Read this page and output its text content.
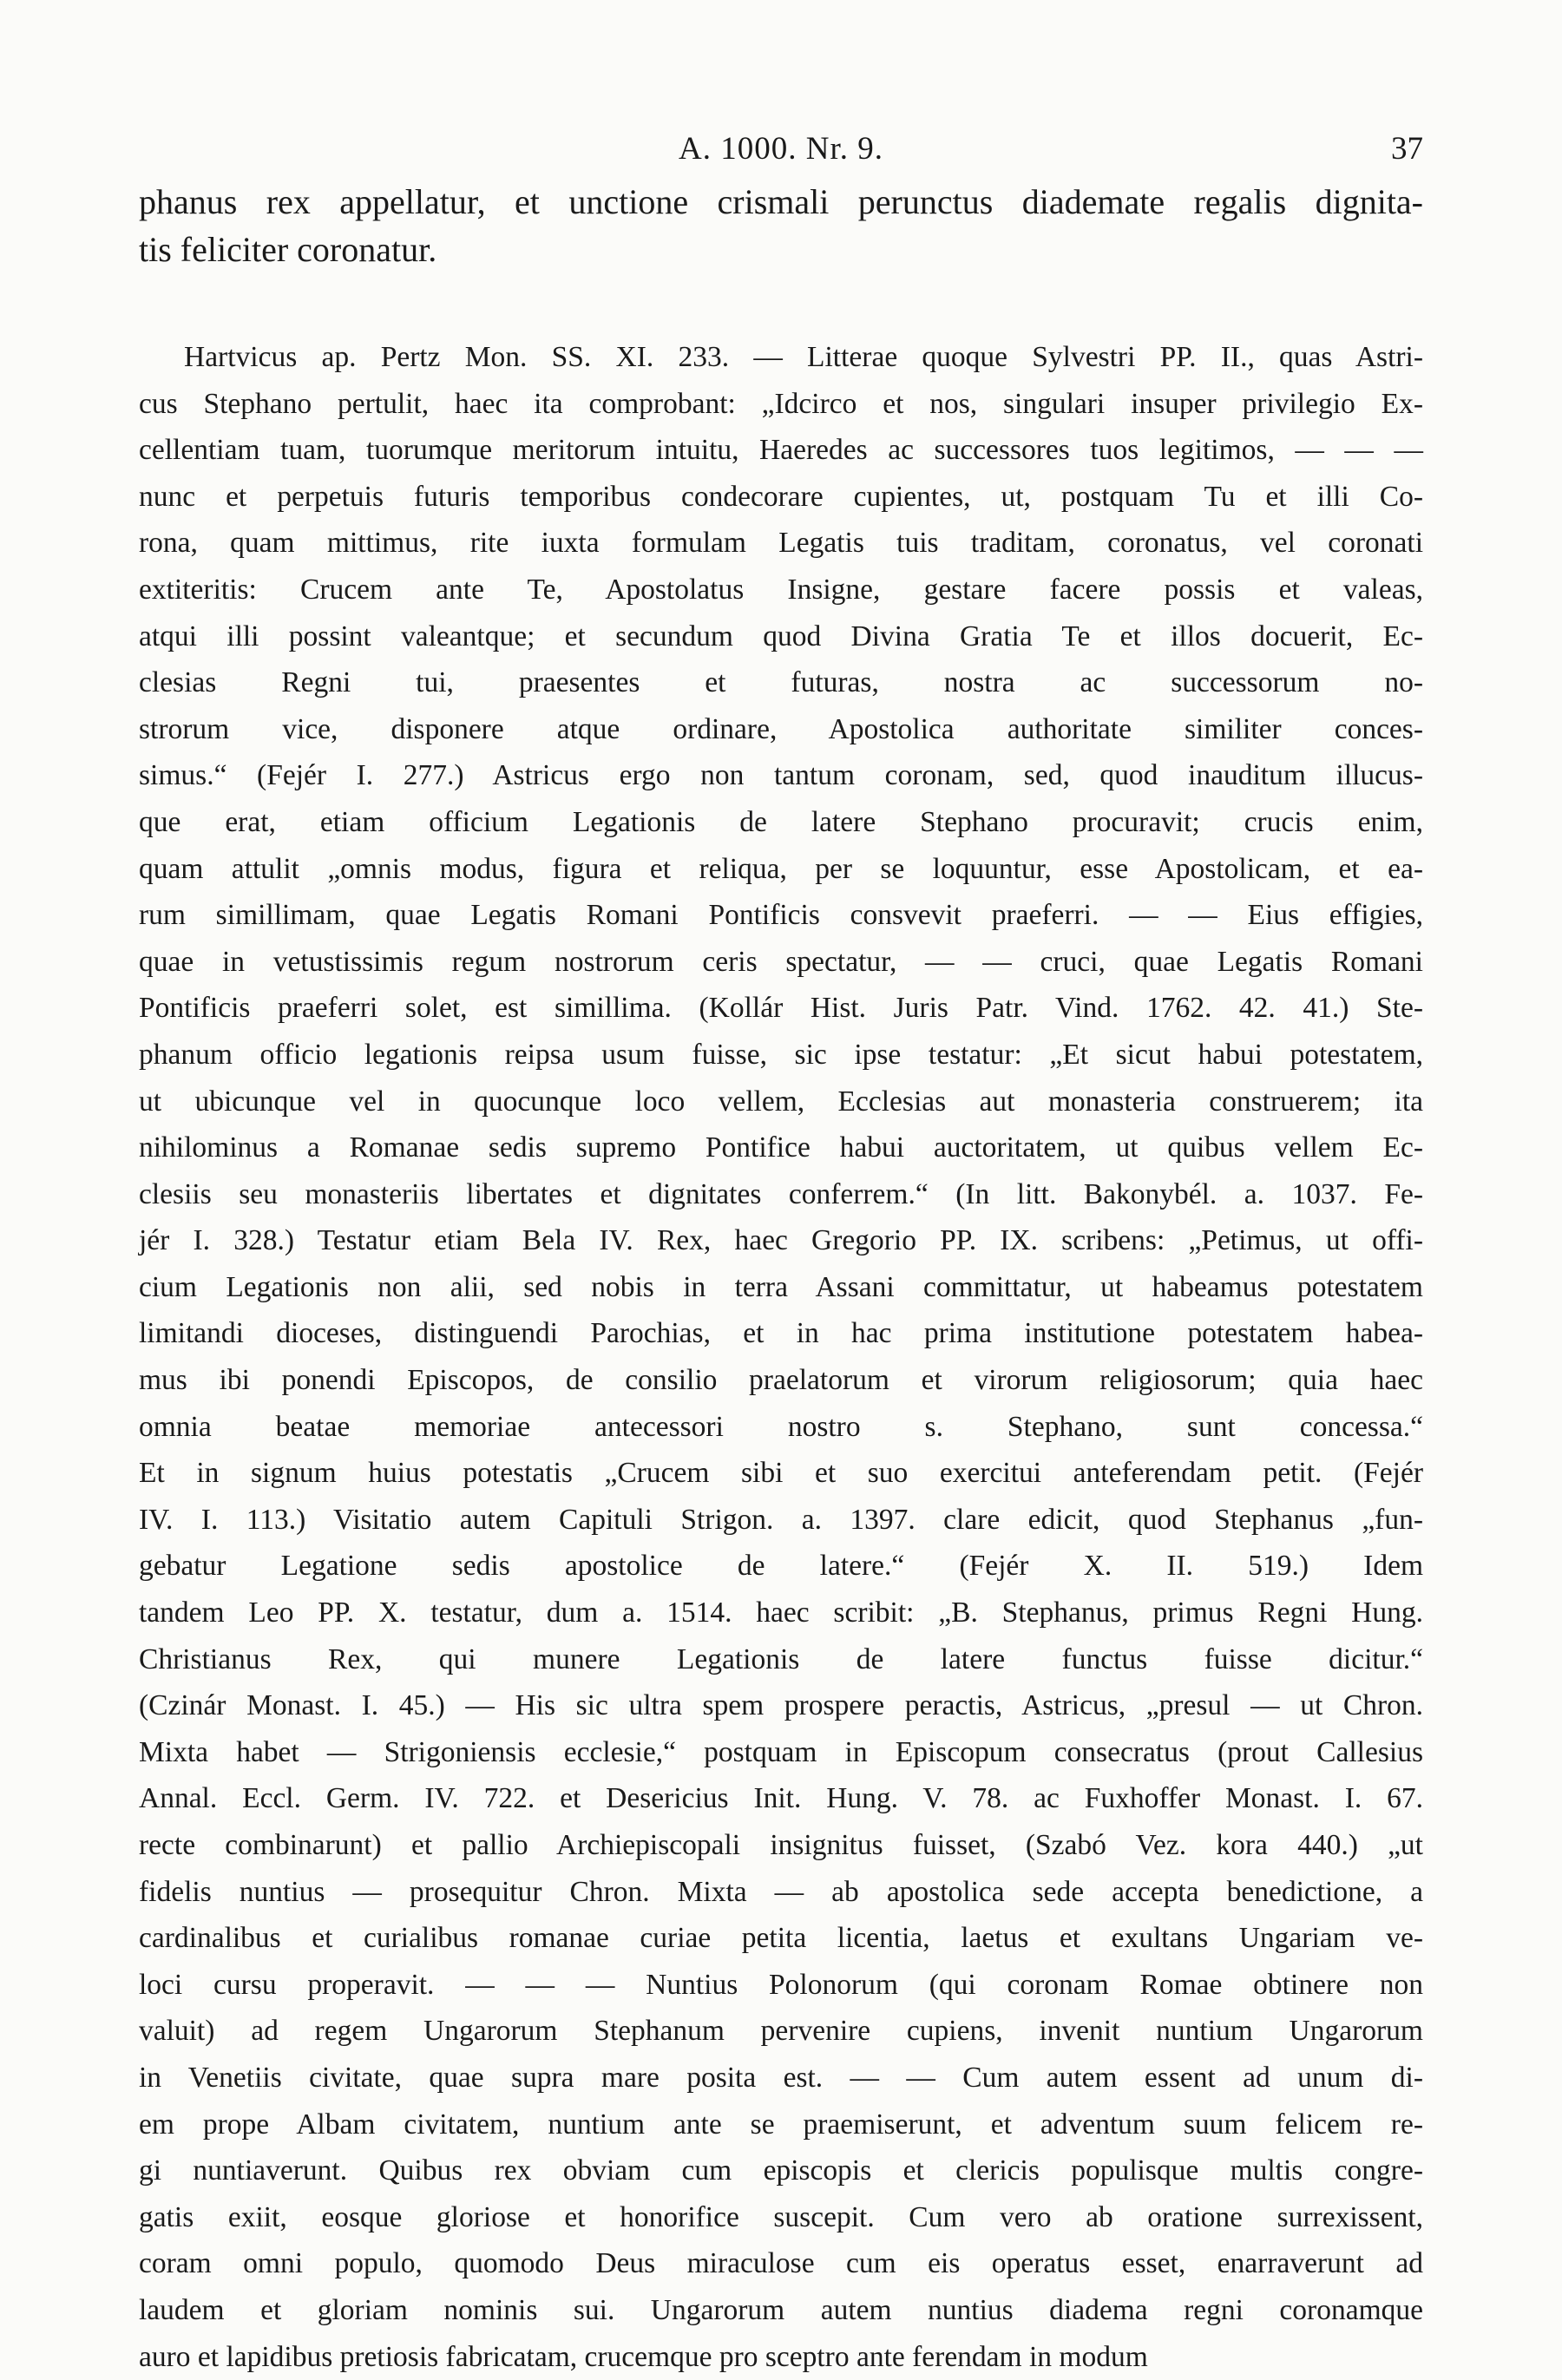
A. 1000. Nr. 9.	37
phanus rex appellatur, et unctione crismali perunctus diademate regalis dignita-
tis feliciter coronatur.
Hartvicus ap. Pertz Mon. SS. XI. 233. — Litterae quoque Sylvestri PP. II., quas Astri-
cus Stephano pertulit, haec ita comprobant: „Idcirco et nos, singulari insuper privilegio Ex-
cellentiam tuam, tuorumque meritorum intuitu, Haeredes ac successores tuos legitimos, — — —
nunc et perpetuis futuris temporibus condecorare cupientes, ut, postquam Tu et illi Co-
rona, quam mittimus, rite iuxta formulam Legatis tuis traditam, coronatus, vel coronati
extiteritis: Crucem ante Te, Apostolatus Insigne, gestare facere possis et valeas,
atqui illi possint valeantque; et secundum quod Divina Gratia Te et illos docuerit, Ec-
clesias Regni tui, praesentes et futuras, nostra ac successorum no-
strorum vice, disponere atque ordinare, Apostolica authoritate similiter conces-
simus.“ (Fejér I. 277.) Astricus ergo non tantum coronam, sed, quod inauditum illucus-
que erat, etiam officium Legationis de latere Stephano procuravit; crucis enim,
quam attulit „omnis modus, figura et reliqua, per se loquuntur, esse Apostolicam, et ea-
rum simillimam, quae Legatis Romani Pontificis consvevit praeferri. — — Eius effigies,
quae in vetustissimis regum nostrorum ceris spectatur, — — cruci, quae Legatis Romani
Pontificis praeferri solet, est simillima. (Kollár Hist. Juris Patr. Vind. 1762. 42. 41.) Ste-
phanum officio legationis reipsa usum fuisse, sic ipse testatur: „Et sicut habui potestatem,
ut ubicunque vel in quocunque loco vellem, Ecclesias aut monasteria construerem; ita
nihilominus a Romanae sedis supremo Pontifice habui auctoritatem, ut quibus vellem Ec-
clesiis seu monasteriis libertates et dignitates conferrem.“ (In litt. Bakonybél. a. 1037. Fe-
jér I. 328.) Testatur etiam Bela IV. Rex, haec Gregorio PP. IX. scribens: „Petimus, ut offi-
cium Legationis non alii, sed nobis in terra Assani committatur, ut habeamus potestatem
limitandi dioceses, distinguendi Parochias, et in hac prima institutione potestatem habea-
mus ibi ponendi Episcopos, de consilio praelatorum et virorum religiosorum; quia haec
omnia beatae memoriae antecessori nostro s. Stephano, sunt concessa.“
Et in signum huius potestatis „Crucem sibi et suo exercitui anteferendam petit. (Fejér
IV. I. 113.) Visitatio autem Capituli Strigon. a. 1397. clare edicit, quod Stephanus „fun-
gebatur Legatione sedis apostolice de latere.“ (Fejér X. II. 519.) Idem
tandem Leo PP. X. testatur, dum a. 1514. haec scribit: „B. Stephanus, primus Regni Hung.
Christianus Rex, qui munere Legationis de latere functus fuisse dicitur.“
(Czinár Monast. I. 45.) — His sic ultra spem prospere peractis, Astricus, „presul — ut Chron.
Mixta habet — Strigoniensis ecclesie,“ postquam in Episcopum consecratus (prout Callesius
Annal. Eccl. Germ. IV. 722. et Desericius Init. Hung. V. 78. ac Fuxhoffer Monast. I. 67.
recte combinarunt) et pallio Archiepiscopali insignitus fuisset, (Szabó Vez. kora 440.) „ut
fidelis nuntius — prosequitur Chron. Mixta — ab apostolica sede accepta benedictione, a
cardinalibus et curialibus romanae curiae petita licentia, laetus et exultans Ungariam ve-
loci cursu properavit. — — — Nuntius Polonorum (qui coronam Romae obtinere non
valuit) ad regem Ungarorum Stephanum pervenire cupiens, invenit nuntium Ungarorum
in Venetiis civitate, quae supra mare posita est. — — Cum autem essent ad unum di-
em prope Albam civitatem, nuntium ante se praemiserunt, et adventum suum felicem re-
gi nuntiaverunt. Quibus rex obviam cum episcopis et clericis populisque multis congre-
gatis exiit, eosque gloriose et honorifice suscepit. Cum vero ab oratione surrexissent,
coram omni populo, quomodo Deus miraculose cum eis operatus esset, enarraverunt ad
laudem et gloriam nominis sui. Ungarorum autem nuntius diadema regni coronamque
auro et lapidibus pretiosis fabricatam, crucemque pro sceptro ante ferendam in modum
